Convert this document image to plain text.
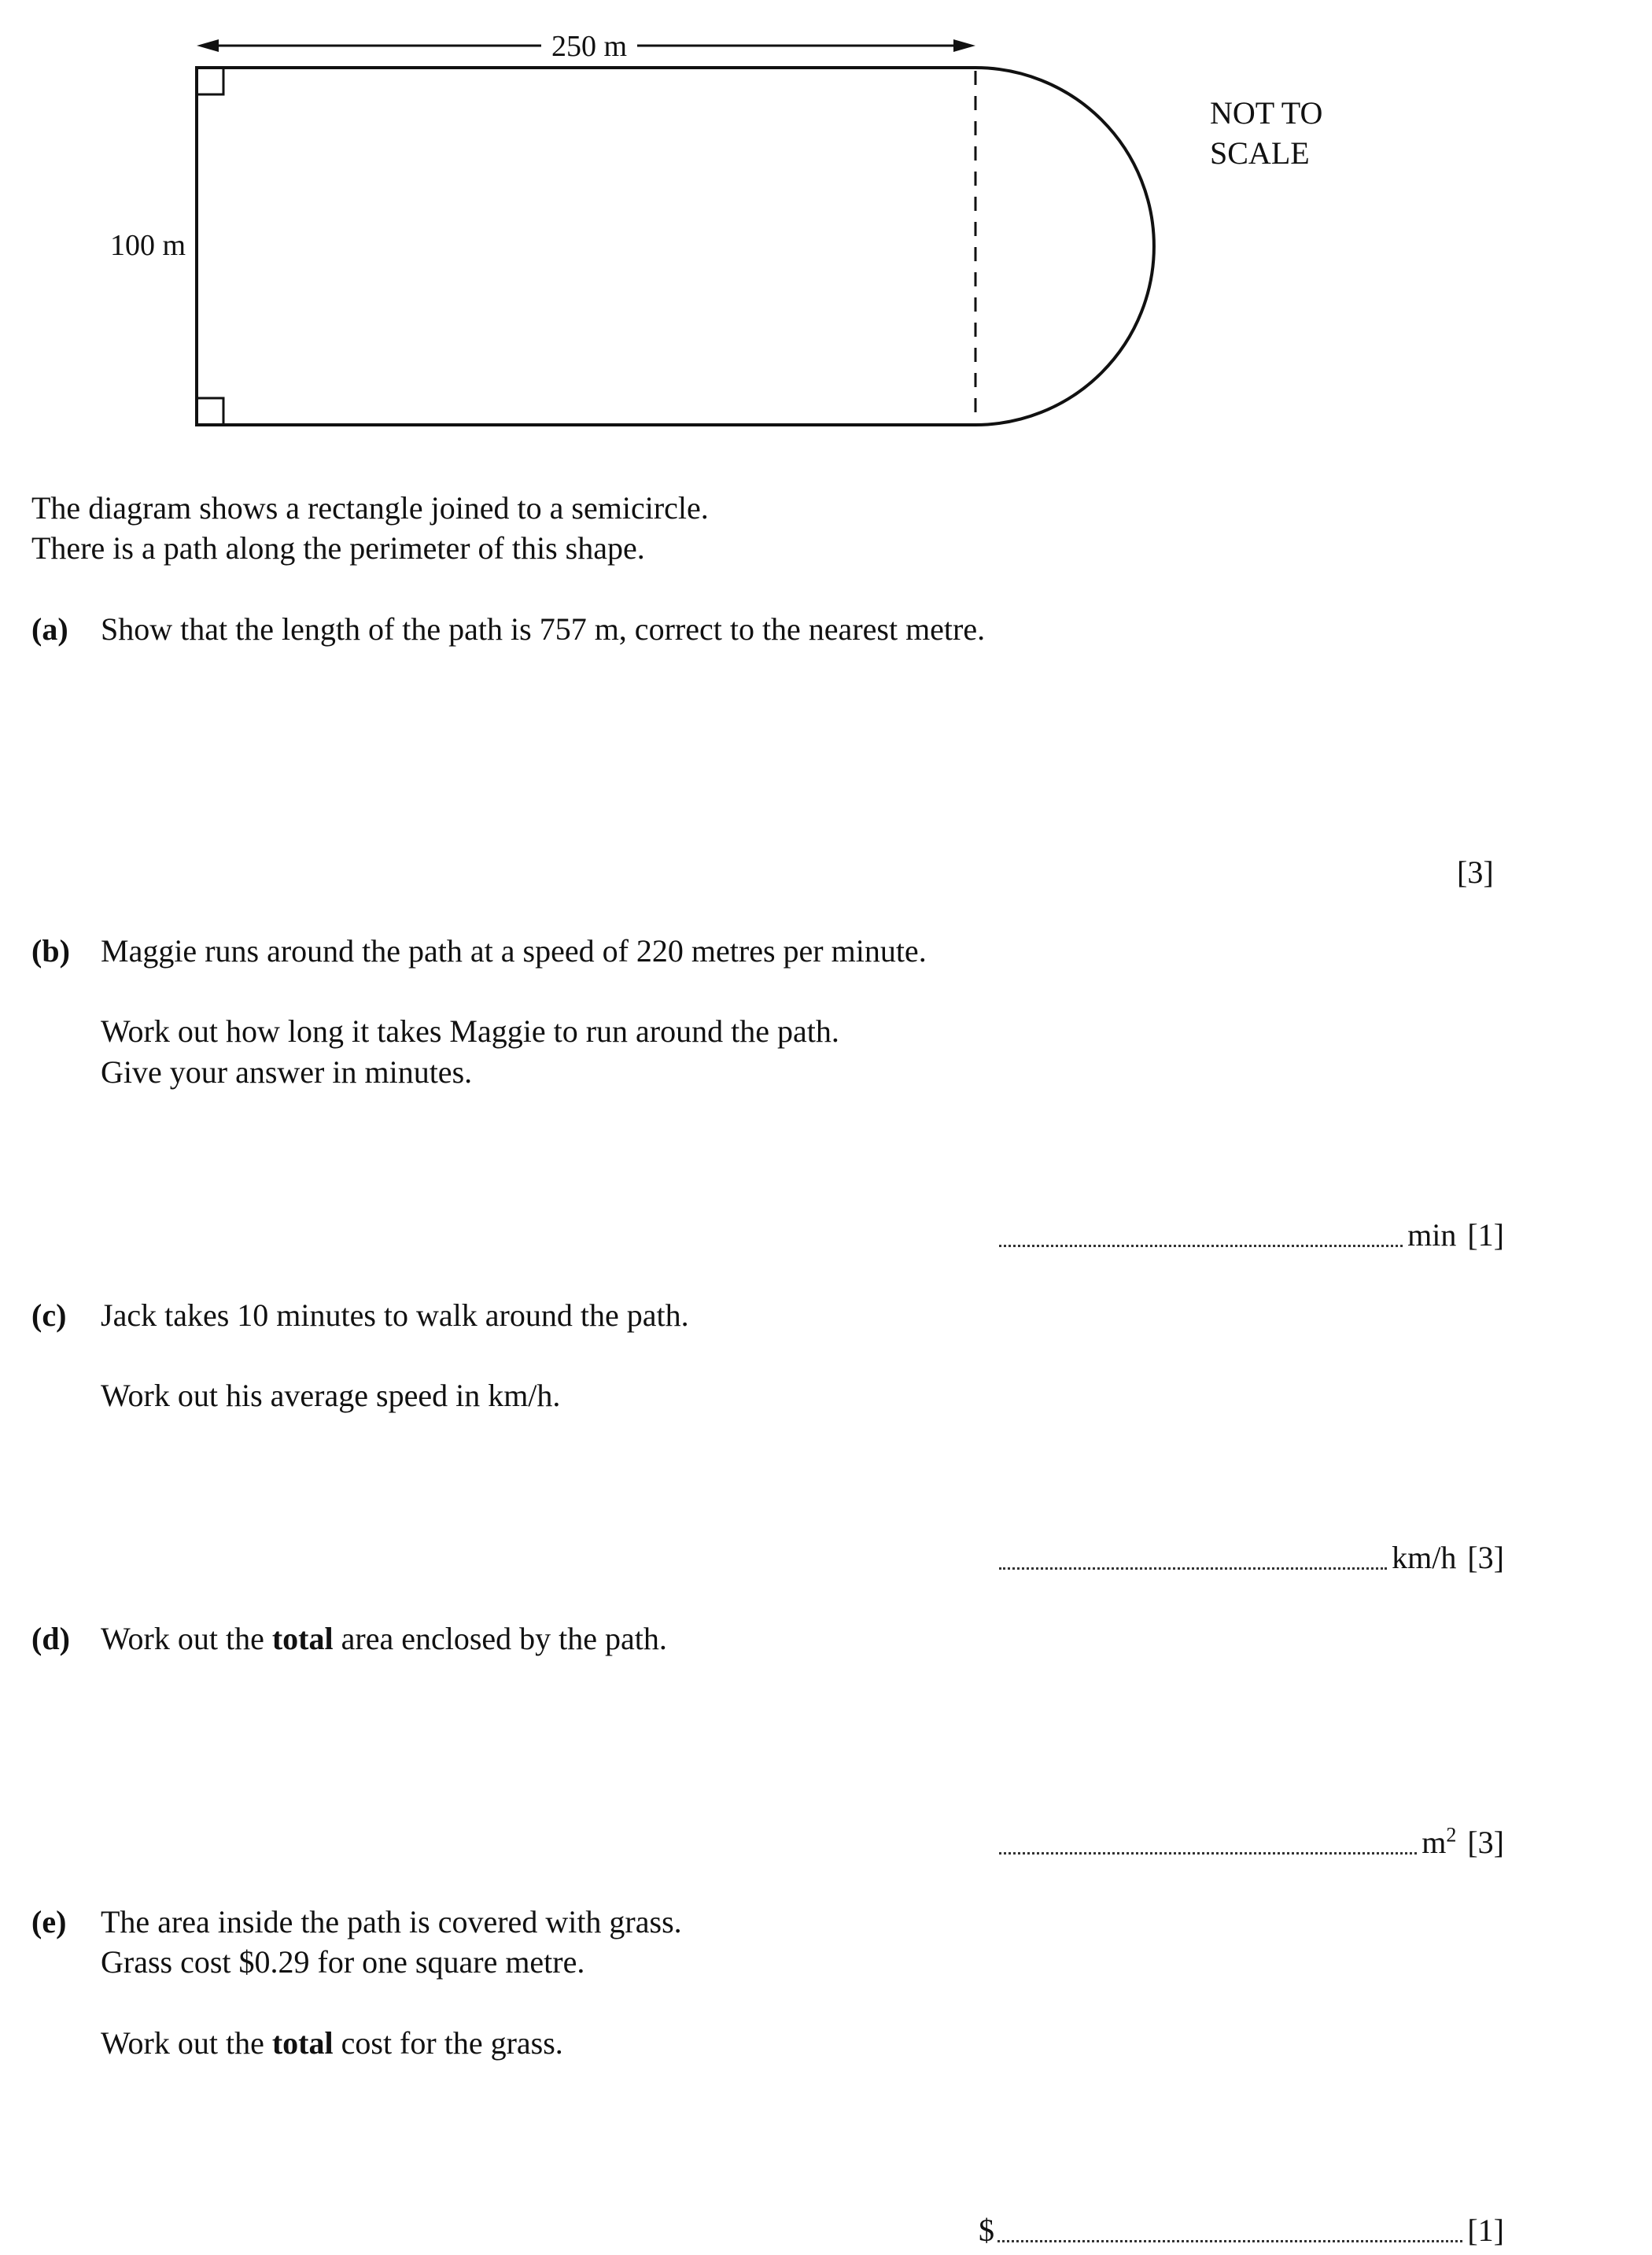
250 m
100 m
NOT TO
SCALE
The diagram shows a rectangle joined to a semicircle.
There is a path along the perimeter of this shape.
(a) Show that the length of the path is 757 m, correct to the nearest metre.
[3]
(b) Maggie runs around the path at a speed of 220 metres per minute.
Work out how long it takes Maggie to run around the path.
Give your answer in minutes.
min [1]
(c) Jack takes 10 minutes to walk around the path.
Work out his average speed in km/h.
km/h [3]
(d) Work out the total area enclosed by the path.
$m^2$ [3]
(e) The area inside the path is covered with grass.
Grass cost $0.29 for one square metre.
Work out the total cost for the grass.
$	[1]
